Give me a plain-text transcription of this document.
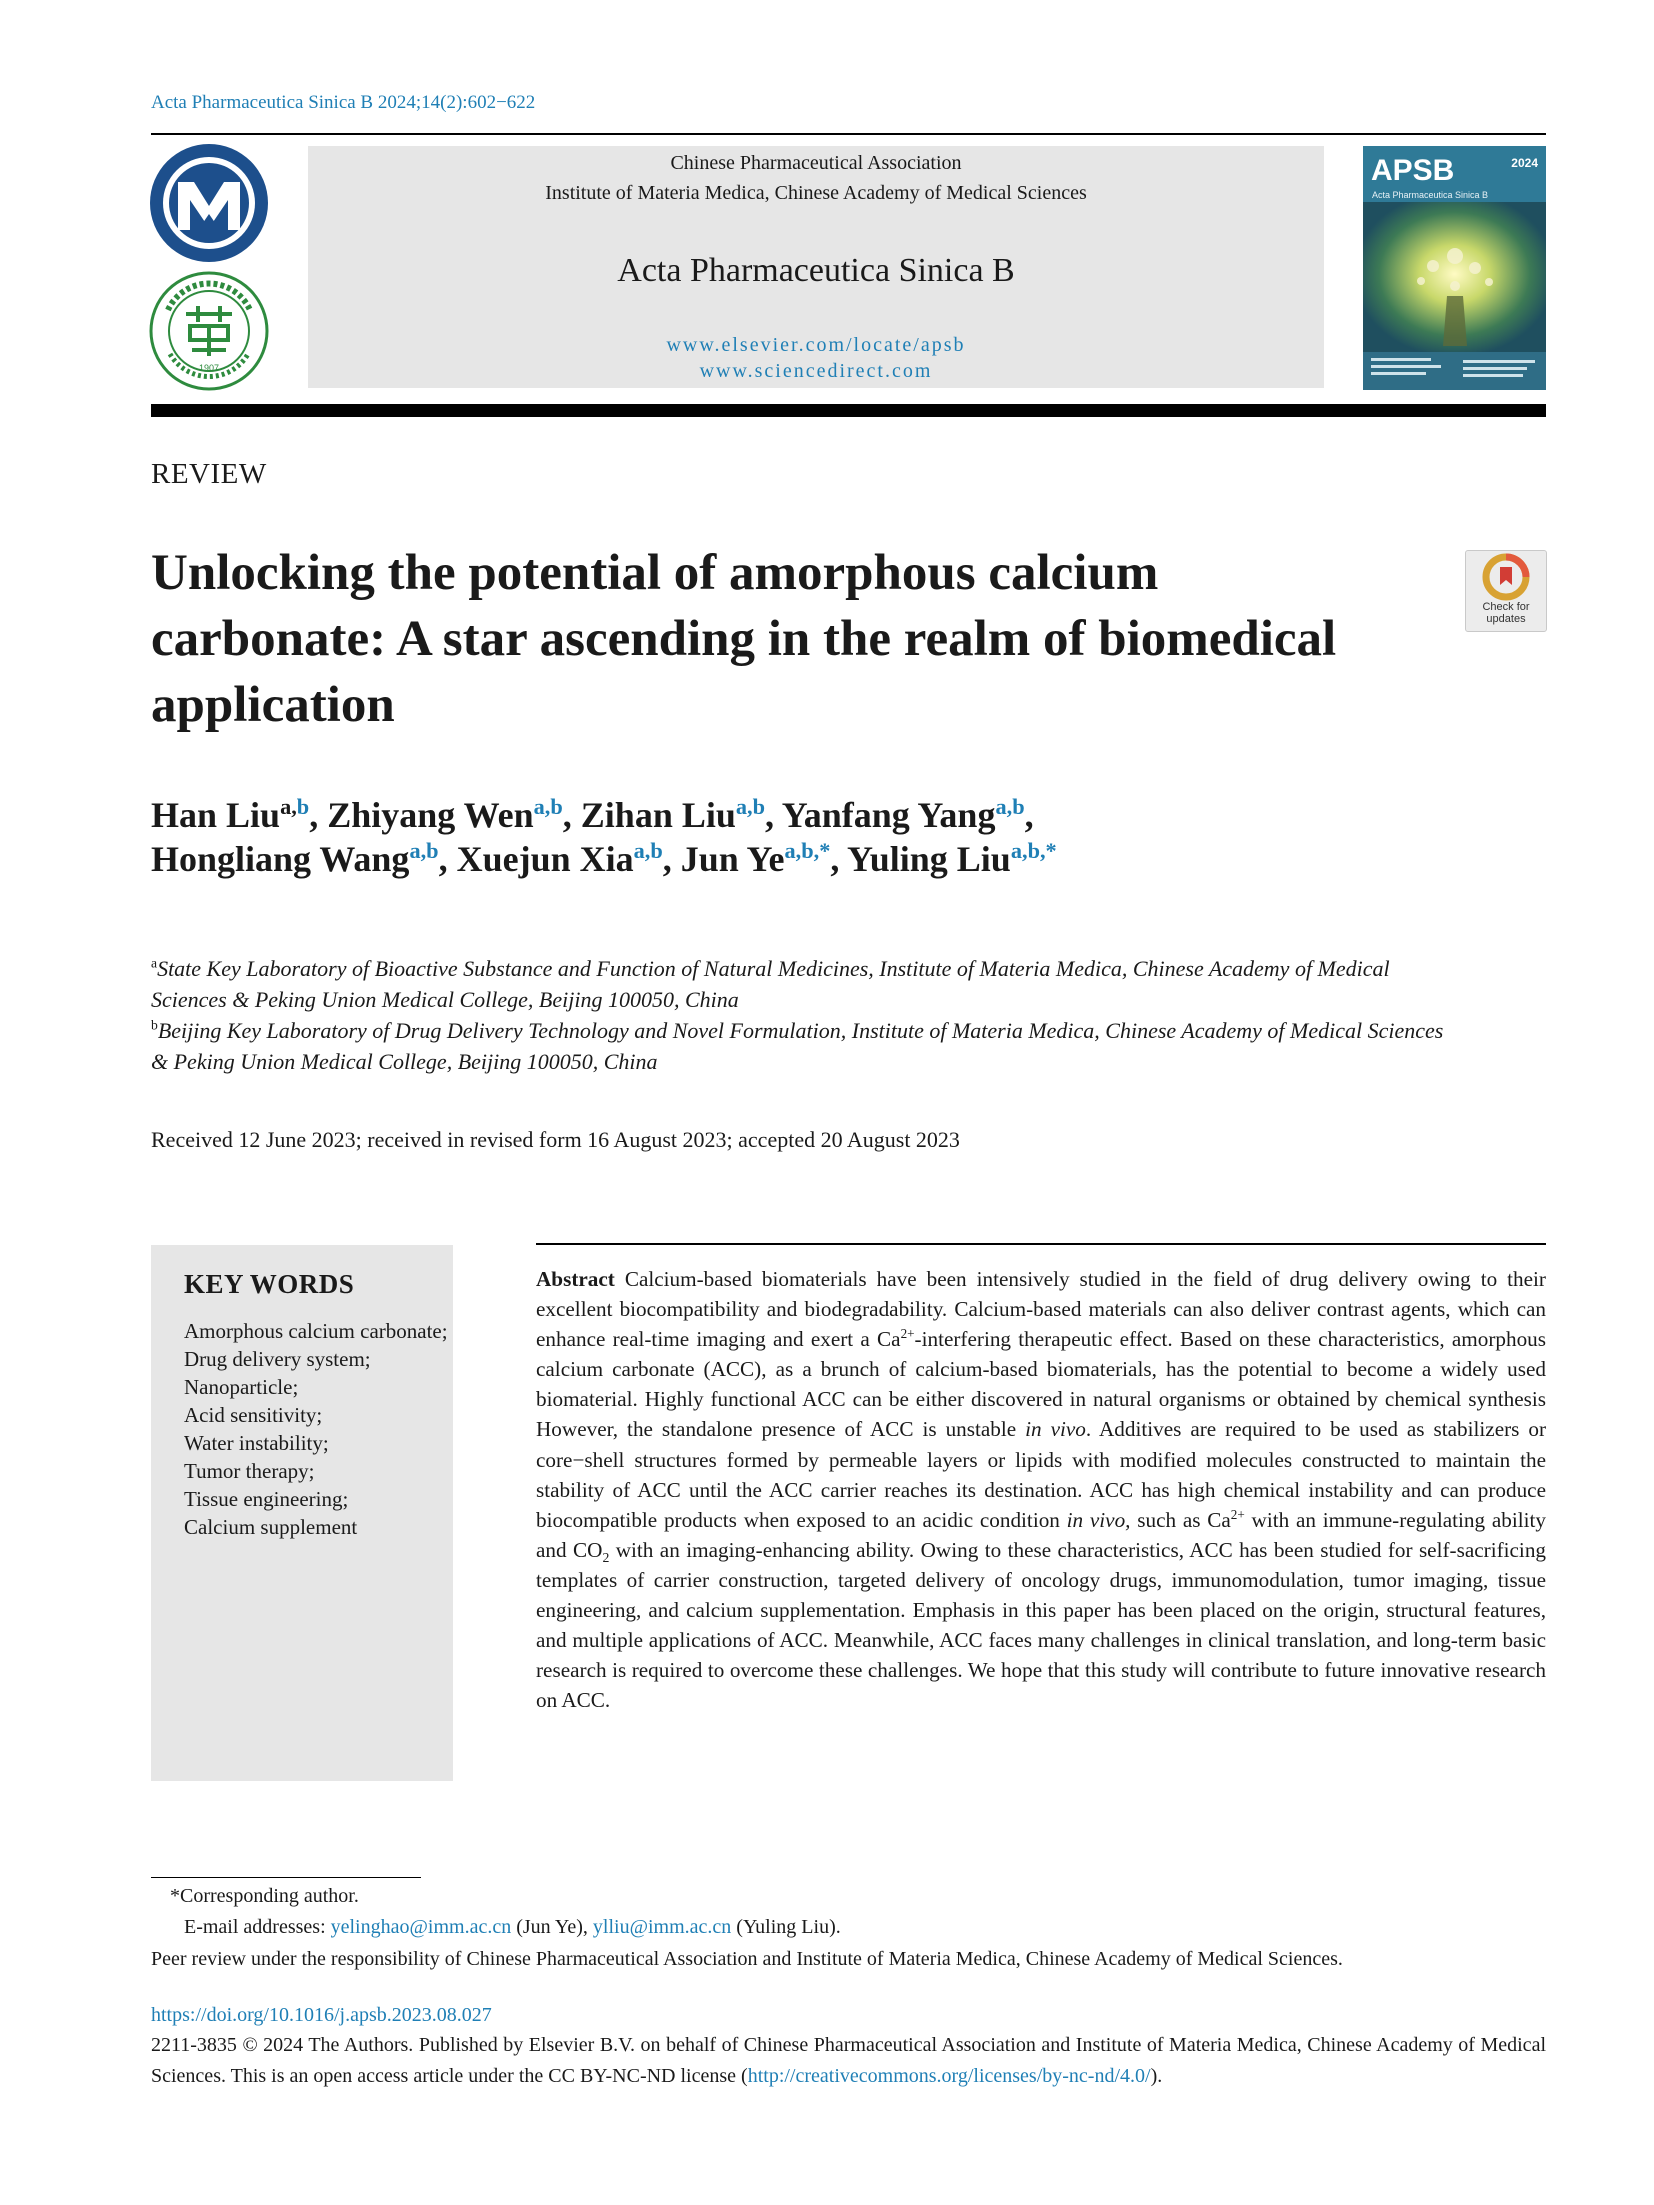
Acta Pharmaceutica Sinica B 2024;14(2):602−622
1907
Chinese Pharmaceutical Association
Institute of Materia Medica, Chinese Academy of Medical Sciences
Acta Pharmaceutica Sinica B
www.elsevier.com/locate/apsb
www.sciencedirect.com
APSB
Acta Pharmaceutica Sinica B
2024
REVIEW
Unlocking the potential of amorphous calcium carbonate: A star ascending in the realm of biomedical application
Check for updates
Han Liu$^{a,b}$, Zhiyang Wen$^{a,b}$, Zihan Liu$^{a,b}$, Yanfang Yang$^{a,b}$,
Hongliang Wang$^{a,b}$, Xuejun Xia$^{a,b}$, Jun $Ye^{a,b,*}$, Yuling Liu$^{a,b,*}$
$^a$State Key Laboratory of Bioactive Substance and Function of Natural Medicines, Institute of Materia Medica, Chinese Academy of Medical Sciences & Peking Union Medical College, Beijing 100050, China
$^b$Beijing Key Laboratory of Drug Delivery Technology and Novel Formulation, Institute of Materia Medica, Chinese Academy of Medical Sciences & Peking Union Medical College, Beijing 100050, China
Received 12 June 2023; received in revised form 16 August 2023; accepted 20 August 2023
KEY WORDS
Amorphous calcium carbonate;
Drug delivery system;
Nanoparticle;
Acid sensitivity;
Water instability;
Tumor therapy;
Tissue engineering;
Calcium supplement
Abstract Calcium-based biomaterials have been intensively studied in the field of drug delivery owing to their excellent biocompatibility and biodegradability. Calcium-based materials can also deliver contrast agents, which can enhance real-time imaging and exert a $Ca^{2+}$-interfering therapeutic effect. Based on these characteristics, amorphous calcium carbonate (ACC), as a brunch of calcium-based biomaterials, has the potential to become a widely used biomaterial. Highly functional ACC can be either discovered in natural organisms or obtained by chemical synthesis However, the standalone presence of ACC is unstable in vivo. Additives are required to be used as stabilizers or core−shell structures formed by permeable layers or lipids with modified molecules constructed to maintain the stability of ACC until the ACC carrier reaches its destination. ACC has high chemical instability and can produce biocompatible products when exposed to an acidic condition in vivo, such as $Ca^{2+}$ with an immune-regulating ability and $CO_2$ with an imaging-enhancing ability. Owing to these characteristics, ACC has been studied for self-sacrificing templates of carrier construction, targeted delivery of oncology drugs, immunomodulation, tumor imaging, tissue engineering, and calcium supplementation. Emphasis in this paper has been placed on the origin, structural features, and multiple applications of ACC. Meanwhile, ACC faces many challenges in clinical translation, and long-term basic research is required to overcome these challenges. We hope that this study will contribute to future innovative research on ACC.
*Corresponding author.
E-mail addresses: yelinghao@imm.ac.cn (Jun Ye), ylliu@imm.ac.cn (Yuling Liu).
Peer review under the responsibility of Chinese Pharmaceutical Association and Institute of Materia Medica, Chinese Academy of Medical Sciences.
https://doi.org/10.1016/j.apsb.2023.08.027
2211-3835 © 2024 The Authors. Published by Elsevier B.V. on behalf of Chinese Pharmaceutical Association and Institute of Materia Medica, Chinese Academy of Medical Sciences. This is an open access article under the CC BY-NC-ND license (http://creativecommons.org/licenses/by-nc-nd/4.0/).
